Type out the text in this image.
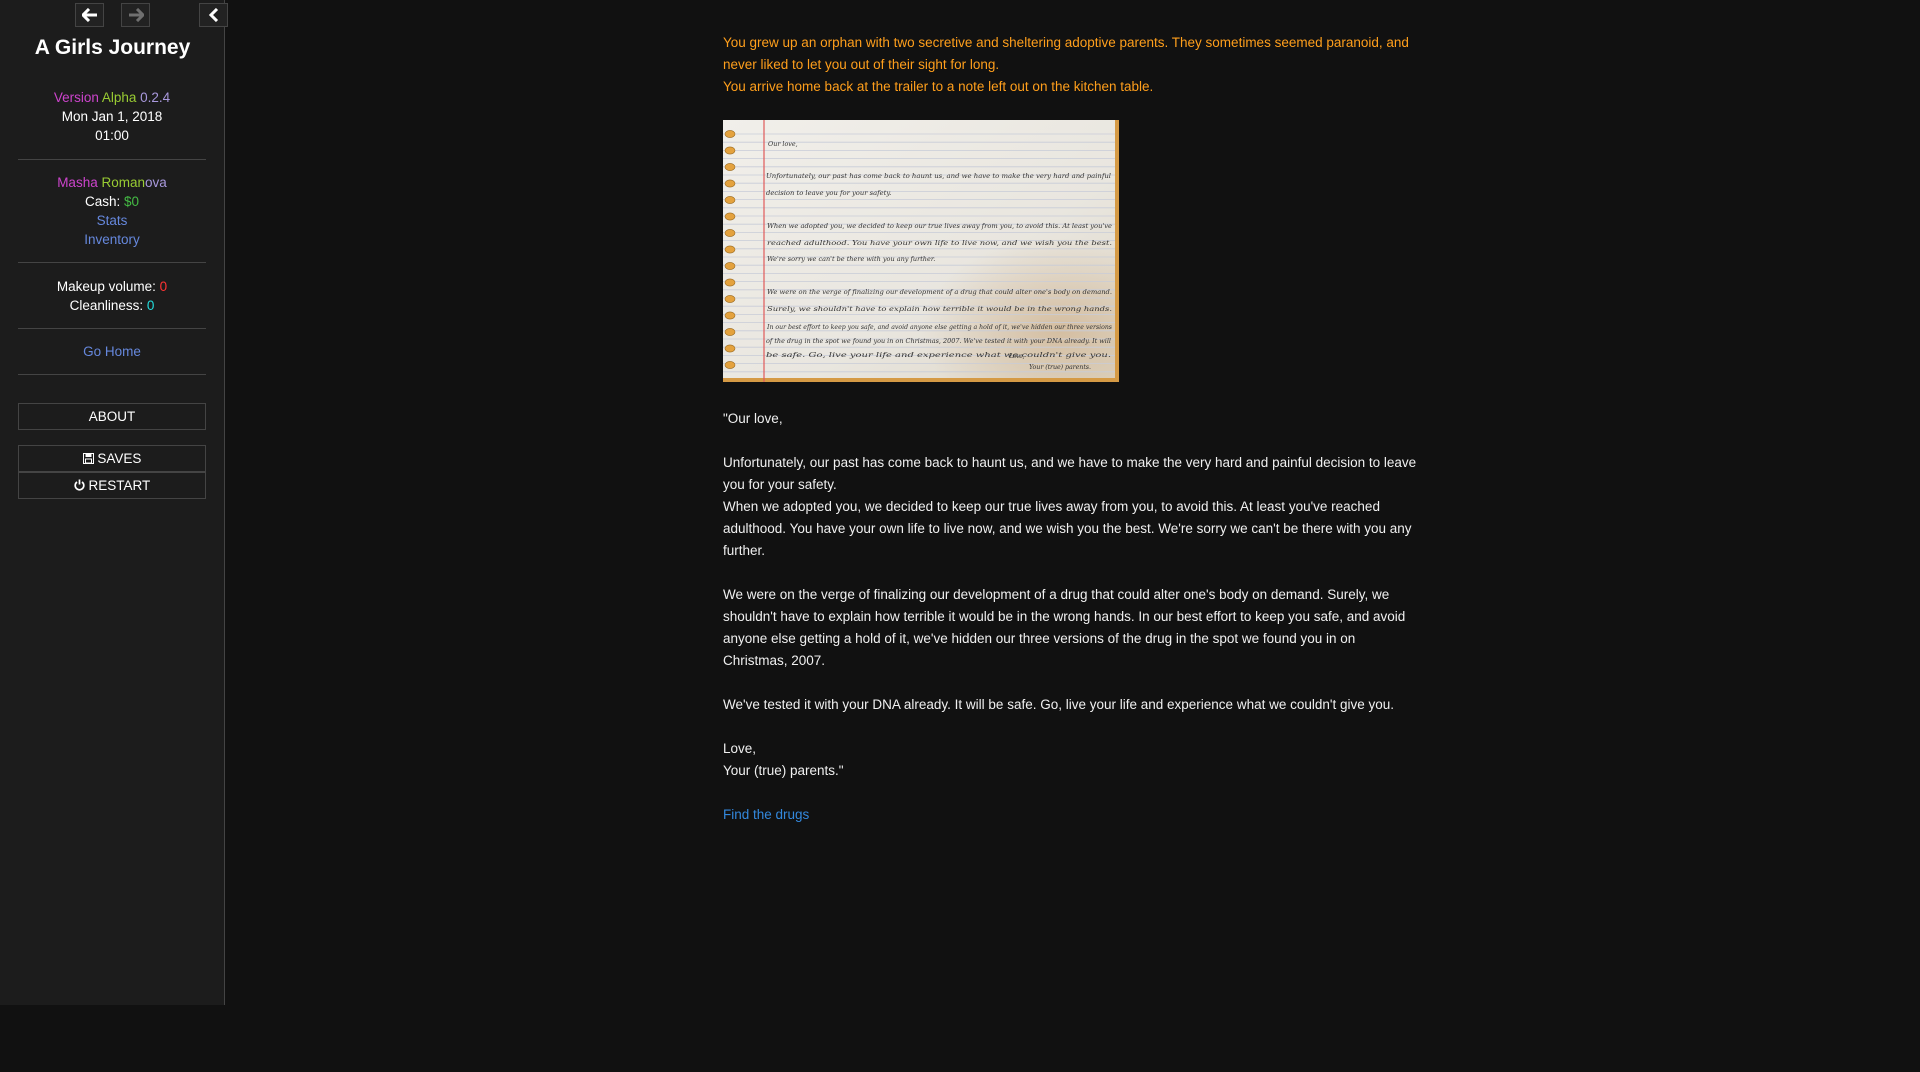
A Girls Journey
Version Alpha 0.2.4
Mon Jan 1, 2018
01:00
Masha Romanova
Cash: $0
Stats
Inventory
Makeup volume: 0
Cleanliness: 0
Go Home
ABOUT
SAVES
RESTART

You grew up an orphan with two secretive and sheltering adoptive parents. They sometimes seemed paranoid, and never liked to let you out of their sight for long.

You arrive home back at the trailer to a note left out on the kitchen table.

Our love,
Unfortunately, our past has come back to haunt us, and we have to make the very hard and painful
decision to leave you for your safety.
When we adopted you, we decided to keep our true lives away from you, to avoid this. At least you've
reached adulthood. You have your own life to live now, and we wish you the best.
We're sorry we can't be there with you any further.
We were on the verge of finalizing our development of a drug that could alter one's body on demand.
Surely, we shouldn't have to explain how terrible it would be in the wrong hands.
In our best effort to keep you safe, and avoid anyone else getting a hold of it, we've hidden our three versions
of the drug in the spot we found you in on Christmas, 2007. We've tested it with your DNA already. It will
be safe. Go, live your life and experience what we couldn't give you.
Love,
Your (true) parents.

"Our love,

Unfortunately, our past has come back to haunt us, and we have to make the very hard and painful decision to leave you for your safety.

When we adopted you, we decided to keep our true lives away from you, to avoid this. At least you've reached adulthood. You have your own life to live now, and we wish you the best. We're sorry we can't be there with you any further.

We were on the verge of finalizing our development of a drug that could alter one's body on demand. Surely, we shouldn't have to explain how terrible it would be in the wrong hands. In our best effort to keep you safe, and avoid anyone else getting a hold of it, we've hidden our three versions of the drug in the spot we found you in on Christmas, 2007.

We've tested it with your DNA already. It will be safe. Go, live your life and experience what we couldn't give you.

Love,

Your (true) parents."

Find the drugs
